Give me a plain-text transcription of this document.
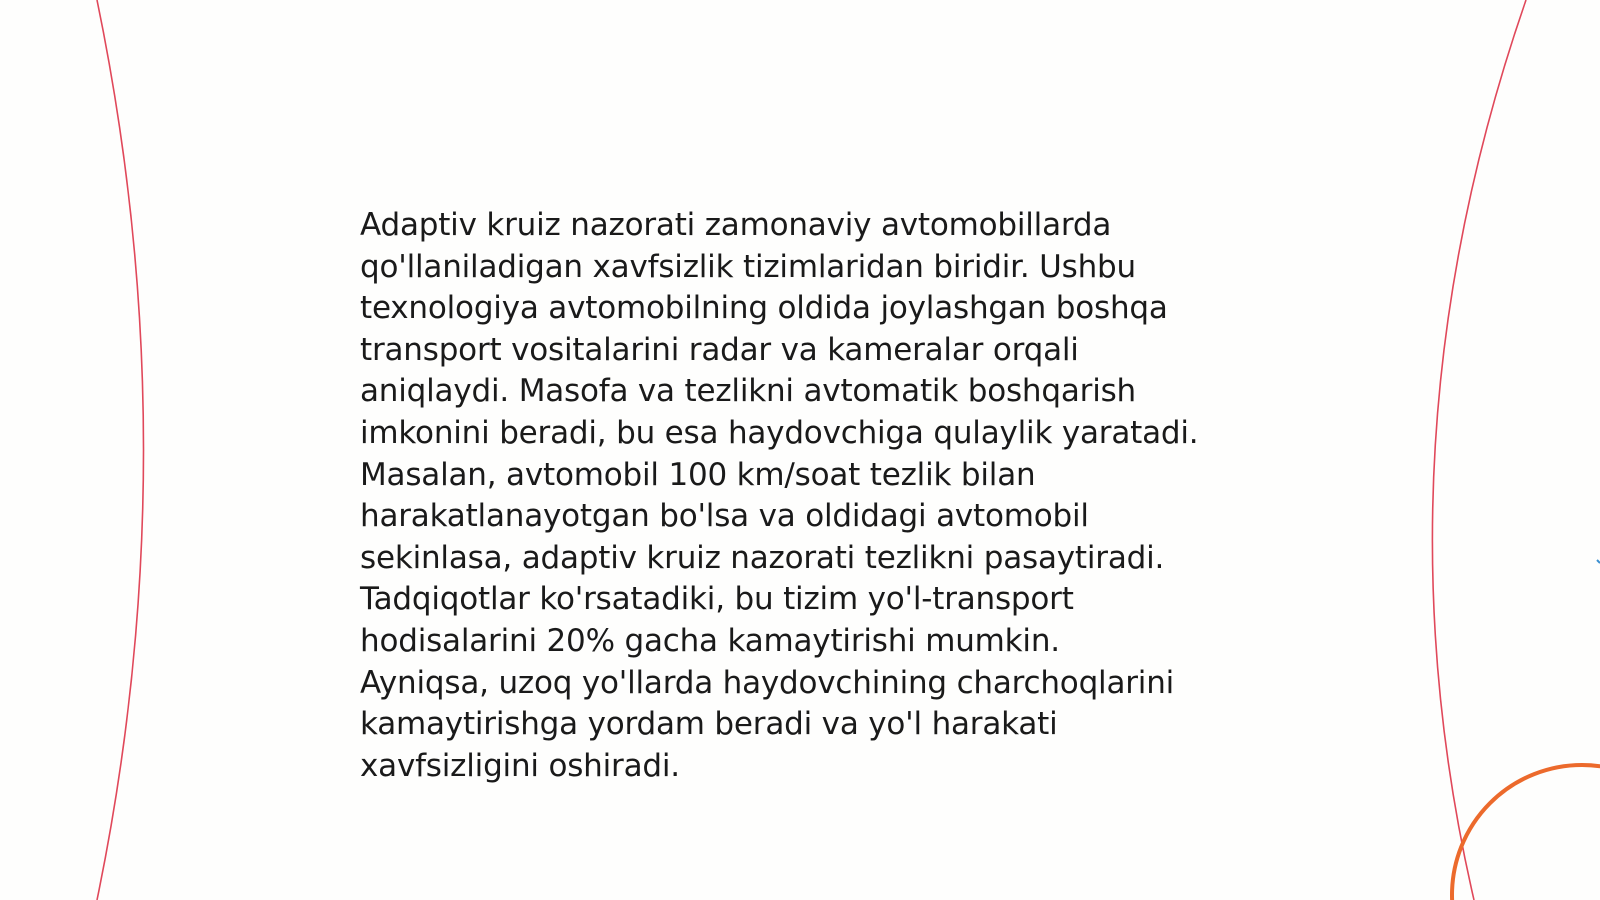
Adaptiv kruiz nazorati zamonaviy avtomobillarda
qo'llaniladigan xavfsizlik tizimlaridan biridir. Ushbu
texnologiya avtomobilning oldida joylashgan boshqa
transport vositalarini radar va kameralar orqali
aniqlaydi. Masofa va tezlikni avtomatik boshqarish
imkonini beradi, bu esa haydovchiga qulaylik yaratadi.
Masalan, avtomobil 100 km/soat tezlik bilan
harakatlanayotgan bo'lsa va oldidagi avtomobil
sekinlasa, adaptiv kruiz nazorati tezlikni pasaytiradi.
Tadqiqotlar ko'rsatadiki, bu tizim yo'l-transport
hodisalarini 20% gacha kamaytirishi mumkin.
Ayniqsa, uzoq yo'llarda haydovchining charchoqlarini
kamaytirishga yordam beradi va yo'l harakati
xavfsizligini oshiradi.
